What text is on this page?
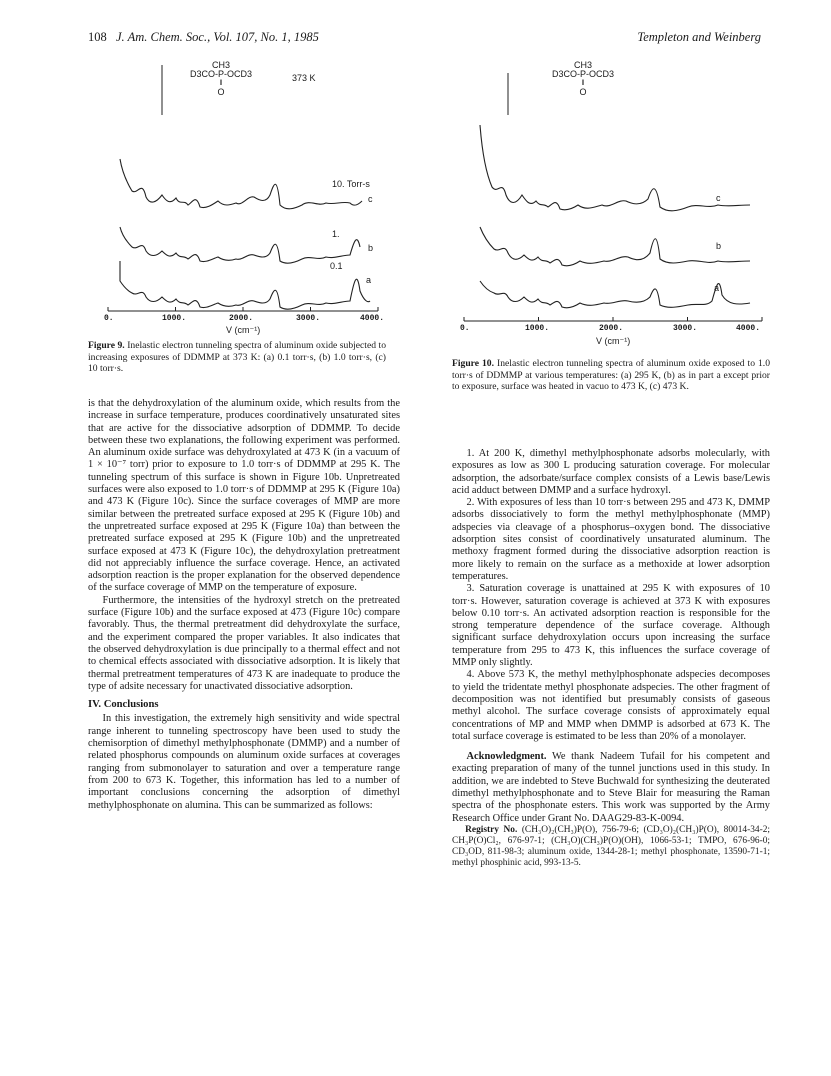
108 J. Am. Chem. Soc., Vol. 107, No. 1, 1985	Templeton and Weinberg
CH3
D3CO-P-OCD3
‖
O
373 K
10. Torr-s
c
1.
b
0.1
a
0.	1000.	2000.	3000.	4000.
V (cm⁻¹)
Figure 9. Inelastic electron tunneling spectra of aluminum oxide subjected to increasing exposures of DDMMP at 373 K: (a) 0.1 torr·s, (b) 1.0 torr·s, (c) 10 torr·s.
CH3
D3CO-P-OCD3
‖
O
c
b
a
0.	1000.	2000.	3000.	4000.
V (cm⁻¹)
Figure 10. Inelastic electron tunneling spectra of aluminum oxide exposed to 1.0 torr·s of DDMMP at various temperatures: (a) 295 K, (b) as in part a except prior to exposure, surface was heated in vacuo to 473 K, (c) 473 K.

is that the dehydroxylation of the aluminum oxide, which results from the increase in surface temperature, produces coordinatively unsaturated sites that are active for the dissociative adsorption of DDMMP. To decide between these two explanations, the following experiment was performed. An aluminum oxide surface was dehydroxylated at 473 K (in a vacuum of 1 × 10⁻⁷ torr) prior to exposure to 1.0 torr·s of DDMMP at 295 K. The tunneling spectrum of this surface is shown in Figure 10b. Unpretreated surfaces were also exposed to 1.0 torr·s of DDMMP at 295 K (Figure 10a) and 473 K (Figure 10c). Since the surface coverages of MMP are more similar between the pretreated surface exposed at 295 K (Figure 10b) and the unpretreated surface exposed at 295 K (Figure 10a) than between the pretreated surface exposed at 295 K (Figure 10b) and the unpretreated surface exposed at 473 K (Figure 10c), the dehydroxylation pretreatment did not appreciably influence the surface coverage. Hence, an activated adsorption reaction is the proper explanation for the observed dependence of the surface coverage of MMP on the temperature of exposure.

Furthermore, the intensities of the hydroxyl stretch on the pretreated surface (Figure 10b) and the surface exposed at 473 (Figure 10c) compare favorably. Thus, the thermal pretreatment did dehydroxylate the surface, and the experiment compared the proper variables. It also indicates that the observed dehydroxylation is due principally to a thermal effect and not to chemical effects associated with dissociative adsorption. It is likely that thermal pretreatment temperatures of 473 K are inadequate to produce the type of adsite necessary for unactivated dissociative adsorption.

IV. Conclusions

In this investigation, the extremely high sensitivity and wide spectral range inherent to tunneling spectroscopy have been used to study the chemisorption of dimethyl methylphosphonate (DMMP) and a number of related phosphorus compounds on aluminum oxide surfaces at coverages ranging from submonolayer to saturation and over a temperature range from 200 to 673 K. Together, this information has led to a number of important conclusions concerning the adsorption of dimethyl methylphosphonate on alumina. This can be summarized as follows:

1. At 200 K, dimethyl methylphosphonate adsorbs molecularly, with exposures as low as 300 L producing saturation coverage. For molecular adsorption, the adsorbate/surface complex consists of a Lewis base/Lewis acid adduct between DMMP and a surface hydroxyl.

2. With exposures of less than 10 torr·s between 295 and 473 K, DMMP adsorbs dissociatively to form the methyl methylphosphonate (MMP) adspecies via cleavage of a phosphorus–oxygen bond. The dissociative adsorption sites consist of coordinatively unsaturated aluminum. The methoxy fragment formed during the dissociative adsorption reaction is more likely to remain on the surface as a methoxide at lower adsorption temperatures.

3. Saturation coverage is unattained at 295 K with exposures of 10 torr·s. However, saturation coverage is achieved at 373 K with exposures below 0.10 torr·s. An activated adsorption reaction is responsible for the strong temperature dependence of the surface coverage. Although significant surface dehydroxylation occurs upon increasing the surface temperature from 295 to 473 K, this influences the surface coverage of MMP only slightly.

4. Above 573 K, the methyl methylphosphonate adspecies decomposes to yield the tridentate methyl phosphonate adspecies. The other fragment of decomposition was not identified but presumably consists of gaseous methyl alcohol. The surface coverage consists of approximately equal concentrations of MP and MMP when DMMP is adsorbed at 673 K. The total surface coverage is estimated to be less than 20% of a monolayer.

Acknowledgment. We thank Nadeem Tufail for his competent and exacting preparation of many of the tunnel junctions used in this study. In addition, we are indebted to Steve Buchwald for synthesizing the deuterated dimethyl methylphosphonate and to Steve Blair for measuring the Raman spectra of the phosphonate esters. This work was supported by the Army Research Office under Grant No. DAAG29-83-K-0094.

Registry No. (CH₃O)₂(CH₃)P(O), 756-79-6; (CD₃O)₂(CH₃)P(O), 80014-34-2; CH₃P(O)Cl₂, 676-97-1; (CH₃O)(CH₃)P(O)(OH), 1066-53-1; TMPO, 676-96-0; CD₃OD, 811-98-3; aluminum oxide, 1344-28-1; methyl phosphonate, 13590-71-1; methyl phosphinic acid, 993-13-5.
